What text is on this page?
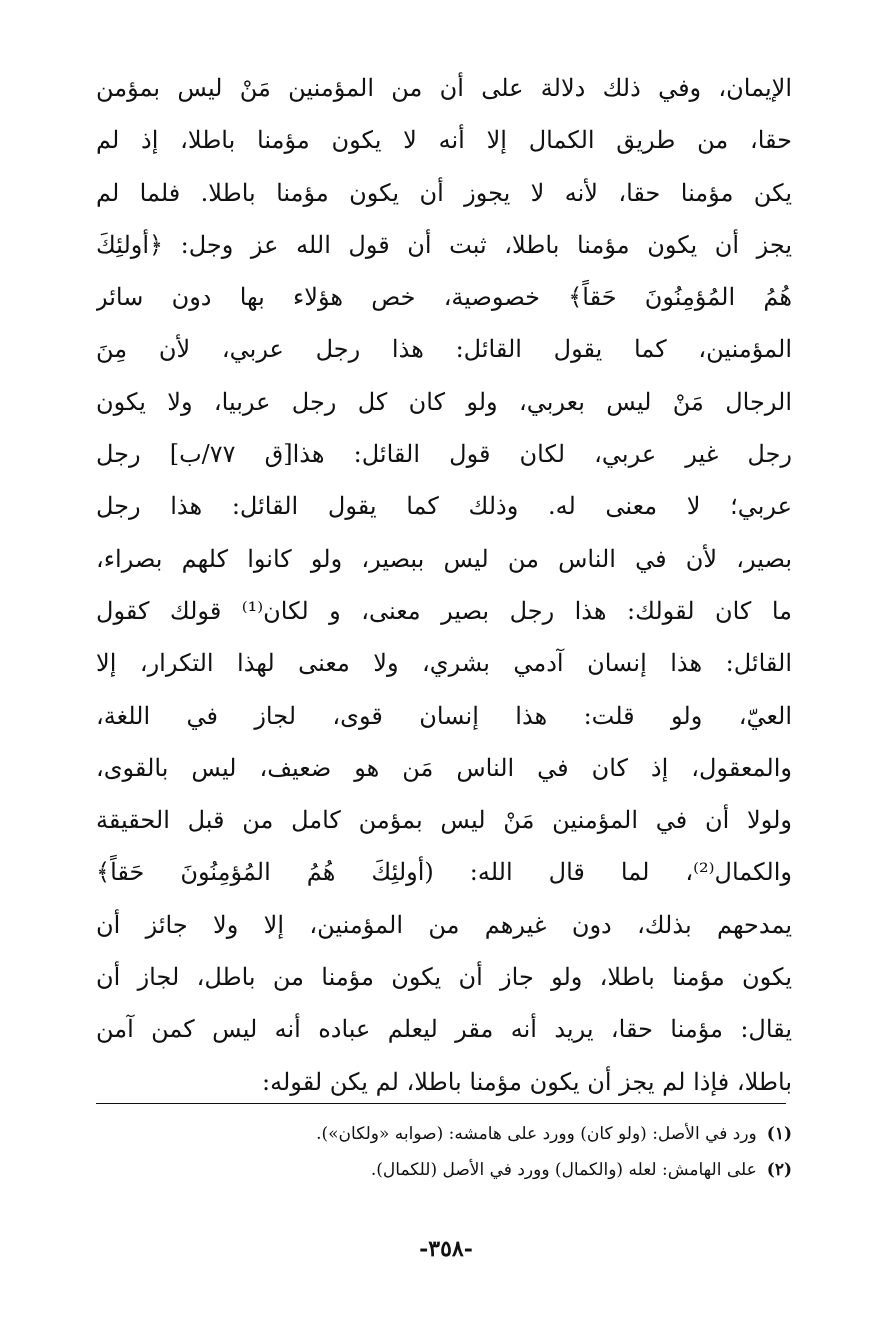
الإيمان، وفي ذلك دلالة على أن من المؤمنين مَنْ ليس بمؤمن
حقا، من طريق الكمال إلا أنه لا يكون مؤمنا باطلا، إذ لم
يكن مؤمنا حقا، لأنه لا يجوز أن يكون مؤمنا باطلا. فلما لم
يجز أن يكون مؤمنا باطلا، ثبت أن قول الله عز وجل: ﴿أولئِكَ
هُمُ المُؤمِنُونَ حَقاً﴾ خصوصية، خص هؤلاء بها دون سائر
المؤمنين، كما يقول القائل: هذا رجل عربي، لأن مِنَ
الرجال مَنْ ليس بعربي، ولو كان كل رجل عربيا، ولا يكون
رجل غير عربي، لكان قول القائل: هذا[ق ٧٧/ب] رجل
عربي؛ لا معنى له. وذلك كما يقول القائل: هذا رجل
بصير، لأن في الناس من ليس ببصير، ولو كانوا كلهم بصراء،
ما كان لقولك: هذا رجل بصير معنى، و لكان⁽¹⁾ قولك كقول
القائل: هذا إنسان آدمي بشري، ولا معنى لهذا التكرار، إلا
العيّ، ولو قلت: هذا إنسان قوى، لجاز في اللغة،
والمعقول، إذ كان في الناس مَن هو ضعيف، ليس بالقوى،
ولولا أن في المؤمنين مَنْ ليس بمؤمن كامل من قبل الحقيقة
والكمال⁽²⁾، لما قال الله: (أولئِكَ هُمُ المُؤمِنُونَ حَقاً﴾
يمدحهم بذلك، دون غيرهم من المؤمنين، إلا ولا جائز أن
يكون مؤمنا باطلا، ولو جاز أن يكون مؤمنا من باطل، لجاز أن
يقال: مؤمنا حقا، يريد أنه مقر ليعلم عباده أنه ليس كمن آمن
باطلا، فإذا لم يجز أن يكون مؤمنا باطلا، لم يكن لقوله:
(١)
ورد في الأصل: (ولو كان) وورد على هامشه: (صوابه «ولكان»).
(٢)
على الهامش: لعله (والكمال) وورد في الأصل (للكمال).
-٣٥٨-
